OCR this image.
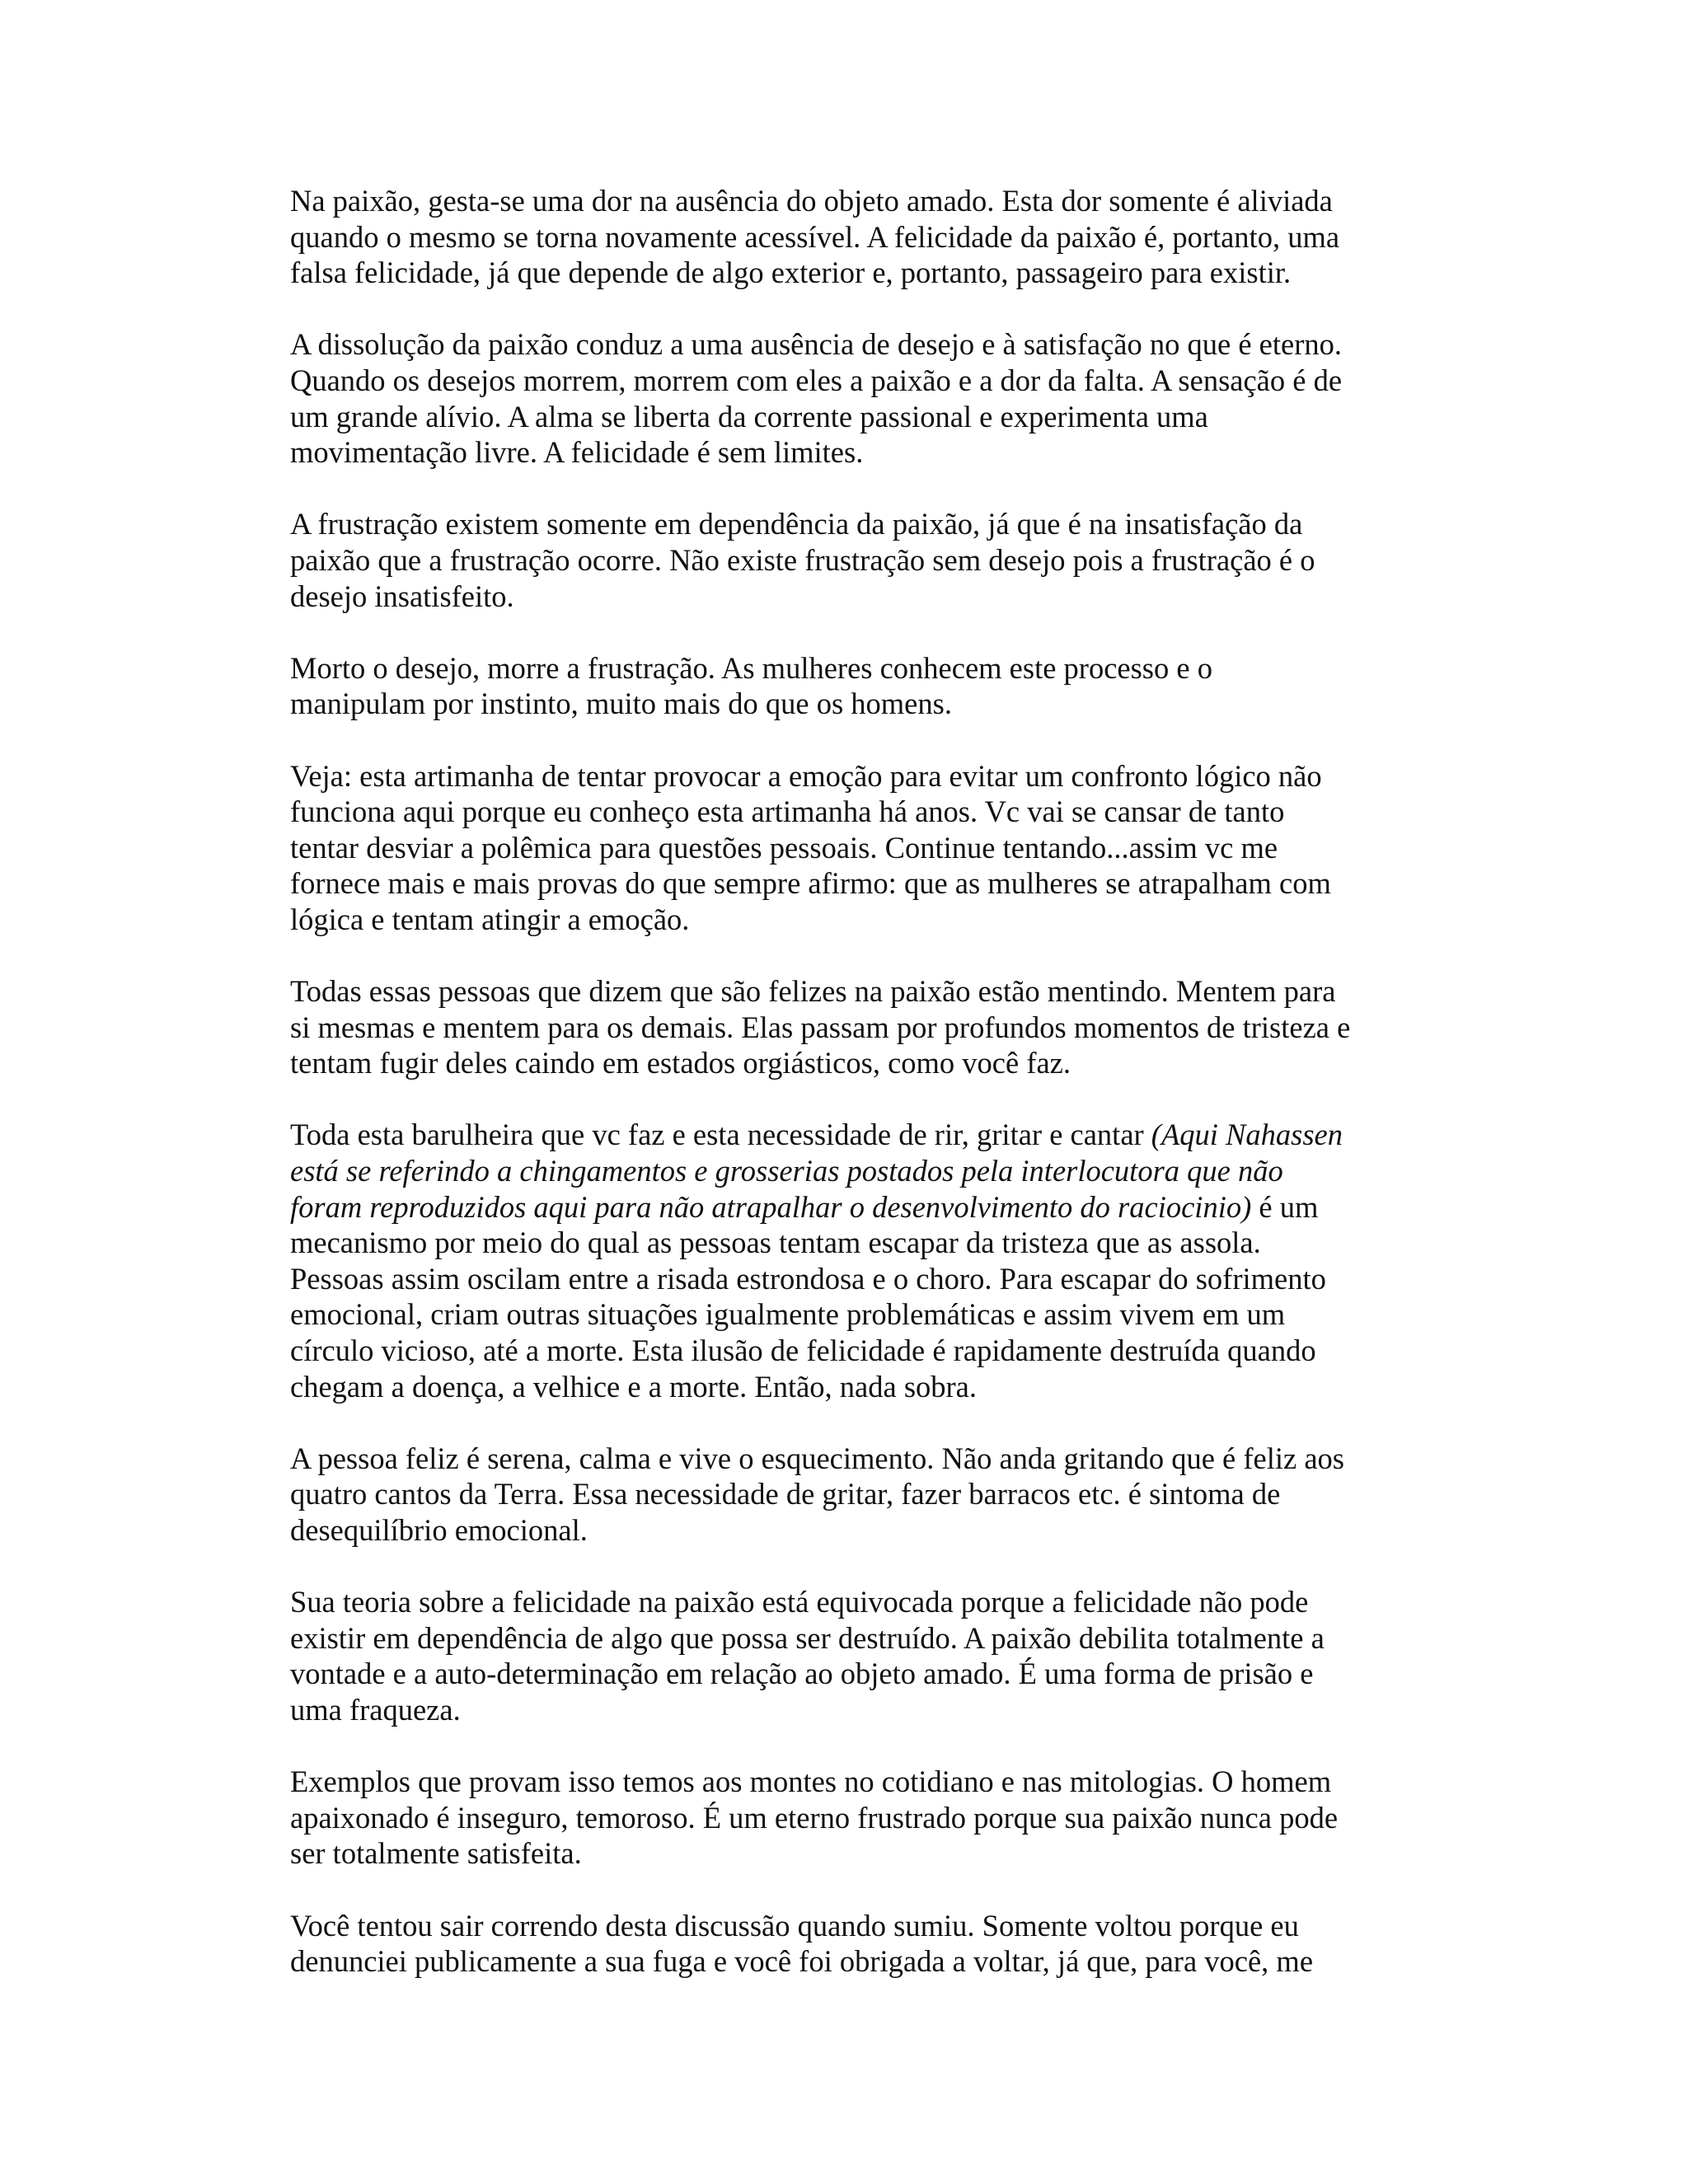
Na paixão, gesta-se uma dor na ausência do objeto amado. Esta dor somente é aliviada
quando o mesmo se torna novamente acessível. A felicidade da paixão é, portanto, uma
falsa felicidade, já que depende de algo exterior e, portanto, passageiro para existir.

A dissolução da paixão conduz a uma ausência de desejo e à satisfação no que é eterno.
Quando os desejos morrem, morrem com eles a paixão e a dor da falta. A sensação é de
um grande alívio. A alma se liberta da corrente passional e experimenta uma
movimentação livre. A felicidade é sem limites.

A frustração existem somente em dependência da paixão, já que é na insatisfação da
paixão que a frustração ocorre. Não existe frustração sem desejo pois a frustração é o
desejo insatisfeito.

Morto o desejo, morre a frustração. As mulheres conhecem este processo e o
manipulam por instinto, muito mais do que os homens.

Veja: esta artimanha de tentar provocar a emoção para evitar um confronto lógico não
funciona aqui porque eu conheço esta artimanha há anos. Vc vai se cansar de tanto
tentar desviar a polêmica para questões pessoais. Continue tentando...assim vc me
fornece mais e mais provas do que sempre afirmo: que as mulheres se atrapalham com
lógica e tentam atingir a emoção.

Todas essas pessoas que dizem que são felizes na paixão estão mentindo. Mentem para
si mesmas e mentem para os demais. Elas passam por profundos momentos de tristeza e
tentam fugir deles caindo em estados orgiásticos, como você faz.

Toda esta barulheira que vc faz e esta necessidade de rir, gritar e cantar (Aqui Nahassen
está se referindo a chingamentos e grosserias postados pela interlocutora que não
foram reproduzidos aqui para não atrapalhar o desenvolvimento do raciocinio) é um
mecanismo por meio do qual as pessoas tentam escapar da tristeza que as assola.
Pessoas assim oscilam entre a risada estrondosa e o choro. Para escapar do sofrimento
emocional, criam outras situações igualmente problemáticas e assim vivem em um
círculo vicioso, até a morte. Esta ilusão de felicidade é rapidamente destruída quando
chegam a doença, a velhice e a morte. Então, nada sobra.

A pessoa feliz é serena, calma e vive o esquecimento. Não anda gritando que é feliz aos
quatro cantos da Terra. Essa necessidade de gritar, fazer barracos etc. é sintoma de
desequilíbrio emocional.

Sua teoria sobre a felicidade na paixão está equivocada porque a felicidade não pode
existir em dependência de algo que possa ser destruído. A paixão debilita totalmente a
vontade e a auto-determinação em relação ao objeto amado. É uma forma de prisão e
uma fraqueza.

Exemplos que provam isso temos aos montes no cotidiano e nas mitologias. O homem
apaixonado é inseguro, temoroso. É um eterno frustrado porque sua paixão nunca pode
ser totalmente satisfeita.

Você tentou sair correndo desta discussão quando sumiu. Somente voltou porque eu
denunciei publicamente a sua fuga e você foi obrigada a voltar, já que, para você, me
